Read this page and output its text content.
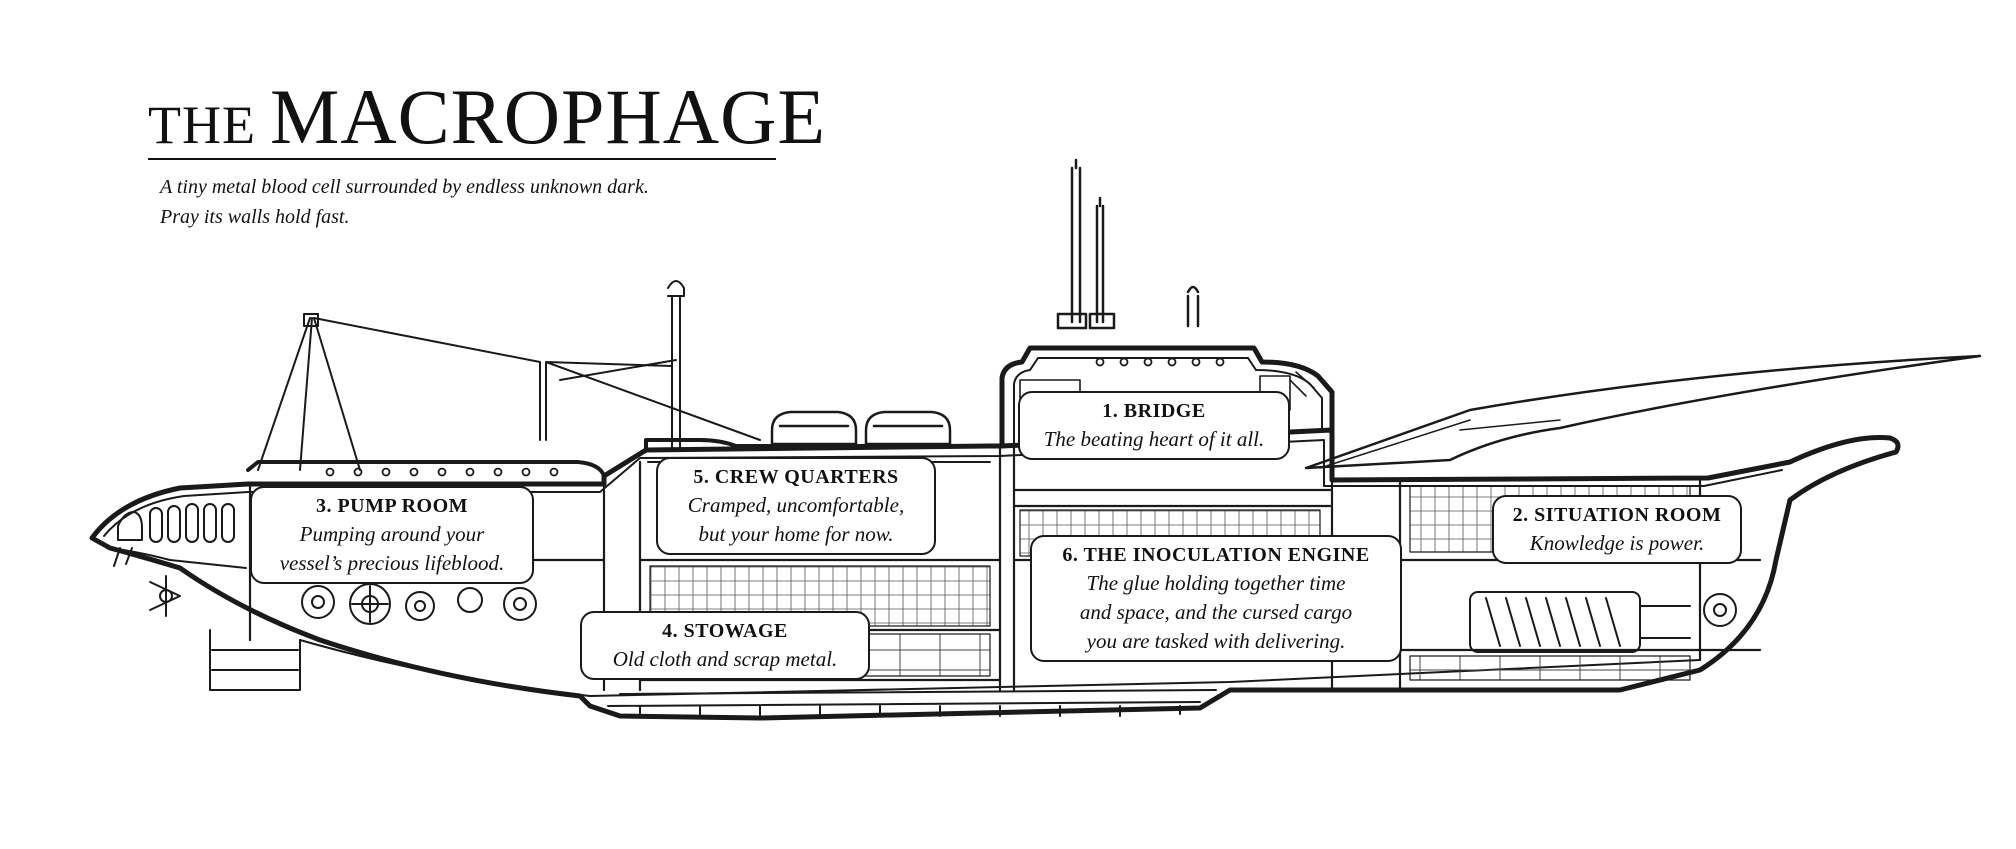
THE MACROPHAGE
A tiny metal blood cell surrounded by endless unknown dark.
Pray its walls hold fast.
1. BRIDGE
The beating heart of it all.
2. SITUATION ROOM
Knowledge is power.
3. PUMP ROOM
Pumping around your
vessel’s precious lifeblood.
4. STOWAGE
Old cloth and scrap metal.
5. CREW QUARTERS
Cramped, uncomfortable,
but your home for now.
6. THE INOCULATION ENGINE
The glue holding together time
and space, and the cursed cargo
you are tasked with delivering.
